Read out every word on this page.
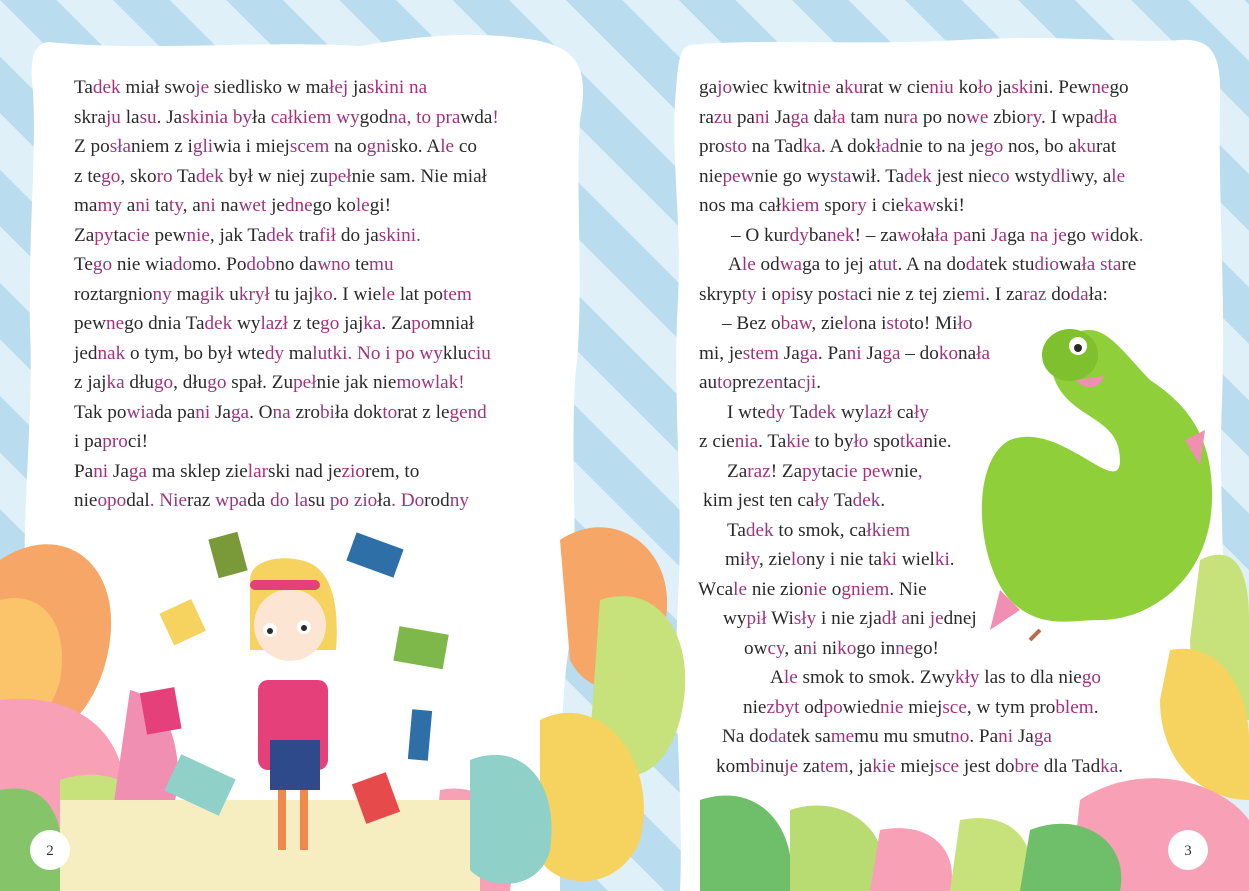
Tadek miał swoje siedlisko w małej jaskini na
skraju lasu. Jaskinia była całkiem wygodna, to prawda!
Z posłaniem z igliwia i miejscem na ognisko. Ale co
z tego, skoro Tadek był w niej zupełnie sam. Nie miał
mamy ani taty, ani nawet jednego kolegi!
Zapytacie pewnie, jak Tadek trafił do jaskini.
Tego nie wiadomo. Podobno dawno temu
roztargniony magik ukrył tu jajko. I wiele lat potem
pewnego dnia Tadek wylazł z tego jajka. Zapomniał
jednak o tym, bo był wtedy malutki. No i po wykluciu
z jajka długo, długo spał. Zupełnie jak niemowlak!
Tak powiada pani Jaga. Ona zrobiła doktorat z legend
i paproci!
Pani Jaga ma sklep zielarski nad jeziorem, to
nieopodal. Nieraz wpada do lasu po zioła. Dorodny
gajowiec kwitnie akurat w cieniu koło jaskini. Pewnego
razu pani Jaga dała tam nura po nowe zbiory. I wpadła
prosto na Tadka. A dokładnie to na jego nos, bo akurat
niepewnie go wystawił. Tadek jest nieco wstydliwy, ale
nos ma całkiem spory i ciekawski!
– O kurdybanek! – zawołała pani Jaga na jego widok.
Ale odwaga to jej atut. A na dodatek studiowała stare
skrypty i opisy postaci nie z tej ziemi. I zaraz dodała:
– Bez obaw, zielona istoto! Miło
mi, jestem Jaga. Pani Jaga – dokonała
autoprezentacji.
I wtedy Tadek wylazł cały
z cienia. Takie to było spotkanie.
Zaraz! Zapytacie pewnie,
kim jest ten cały Tadek.
Tadek to smok, całkiem
miły, zielony i nie taki wielki.
Wcale nie zionie ogniem. Nie
wypił Wisły i nie zjadł ani jednej
owcy, ani nikogo innego!
Ale smok to smok. Zwykły las to dla niego
niezbyt odpowiednie miejsce, w tym problem.
Na dodatek samemu mu smutno. Pani Jaga
kombinuje zatem, jakie miejsce jest dobre dla Tadka.
2	3
